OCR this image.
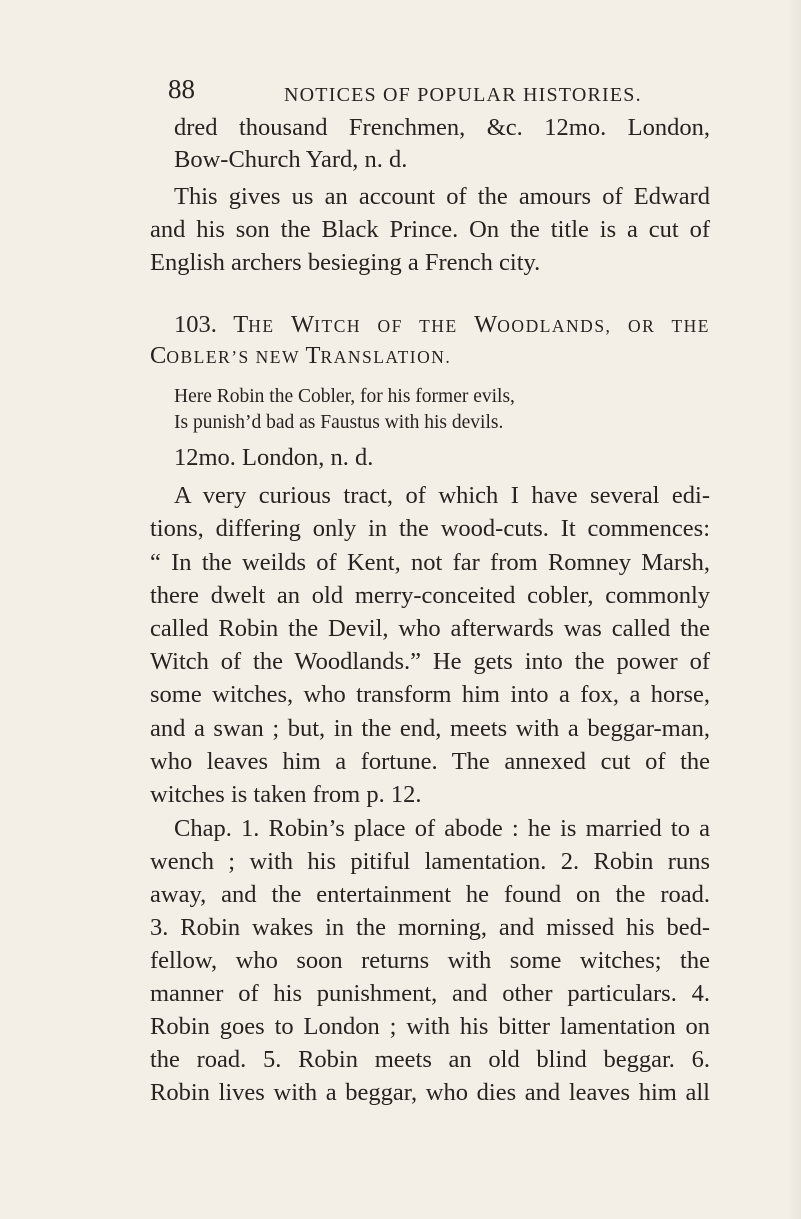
88	NOTICES OF POPULAR HISTORIES.
dred thousand Frenchmen, &c. 12mo. London,
Bow-Church Yard, n. d.
This gives us an account of the amours of Edward
and his son the Black Prince. On the title is a cut of
English archers besieging a French city.
103. THE WITCH OF THE WOODLANDS, OR THE
COBLER’S NEW TRANSLATION.
Here Robin the Cobler, for his former evils,
Is punish’d bad as Faustus with his devils.
12mo. London, n. d.
A very curious tract, of which I have several edi-
tions, differing only in the wood-cuts. It commences:
“ In the weilds of Kent, not far from Romney Marsh,
there dwelt an old merry-conceited cobler, commonly
called Robin the Devil, who afterwards was called the
Witch of the Woodlands.” He gets into the power of
some witches, who transform him into a fox, a horse,
and a swan ; but, in the end, meets with a beggar-man,
who leaves him a fortune. The annexed cut of the
witches is taken from p. 12.
Chap. 1. Robin’s place of abode : he is married to a
wench ; with his pitiful lamentation. 2. Robin runs
away, and the entertainment he found on the road.
3. Robin wakes in the morning, and missed his bed-
fellow, who soon returns with some witches; the
manner of his punishment, and other particulars. 4.
Robin goes to London ; with his bitter lamentation on
the road. 5. Robin meets an old blind beggar. 6.
Robin lives with a beggar, who dies and leaves him all
